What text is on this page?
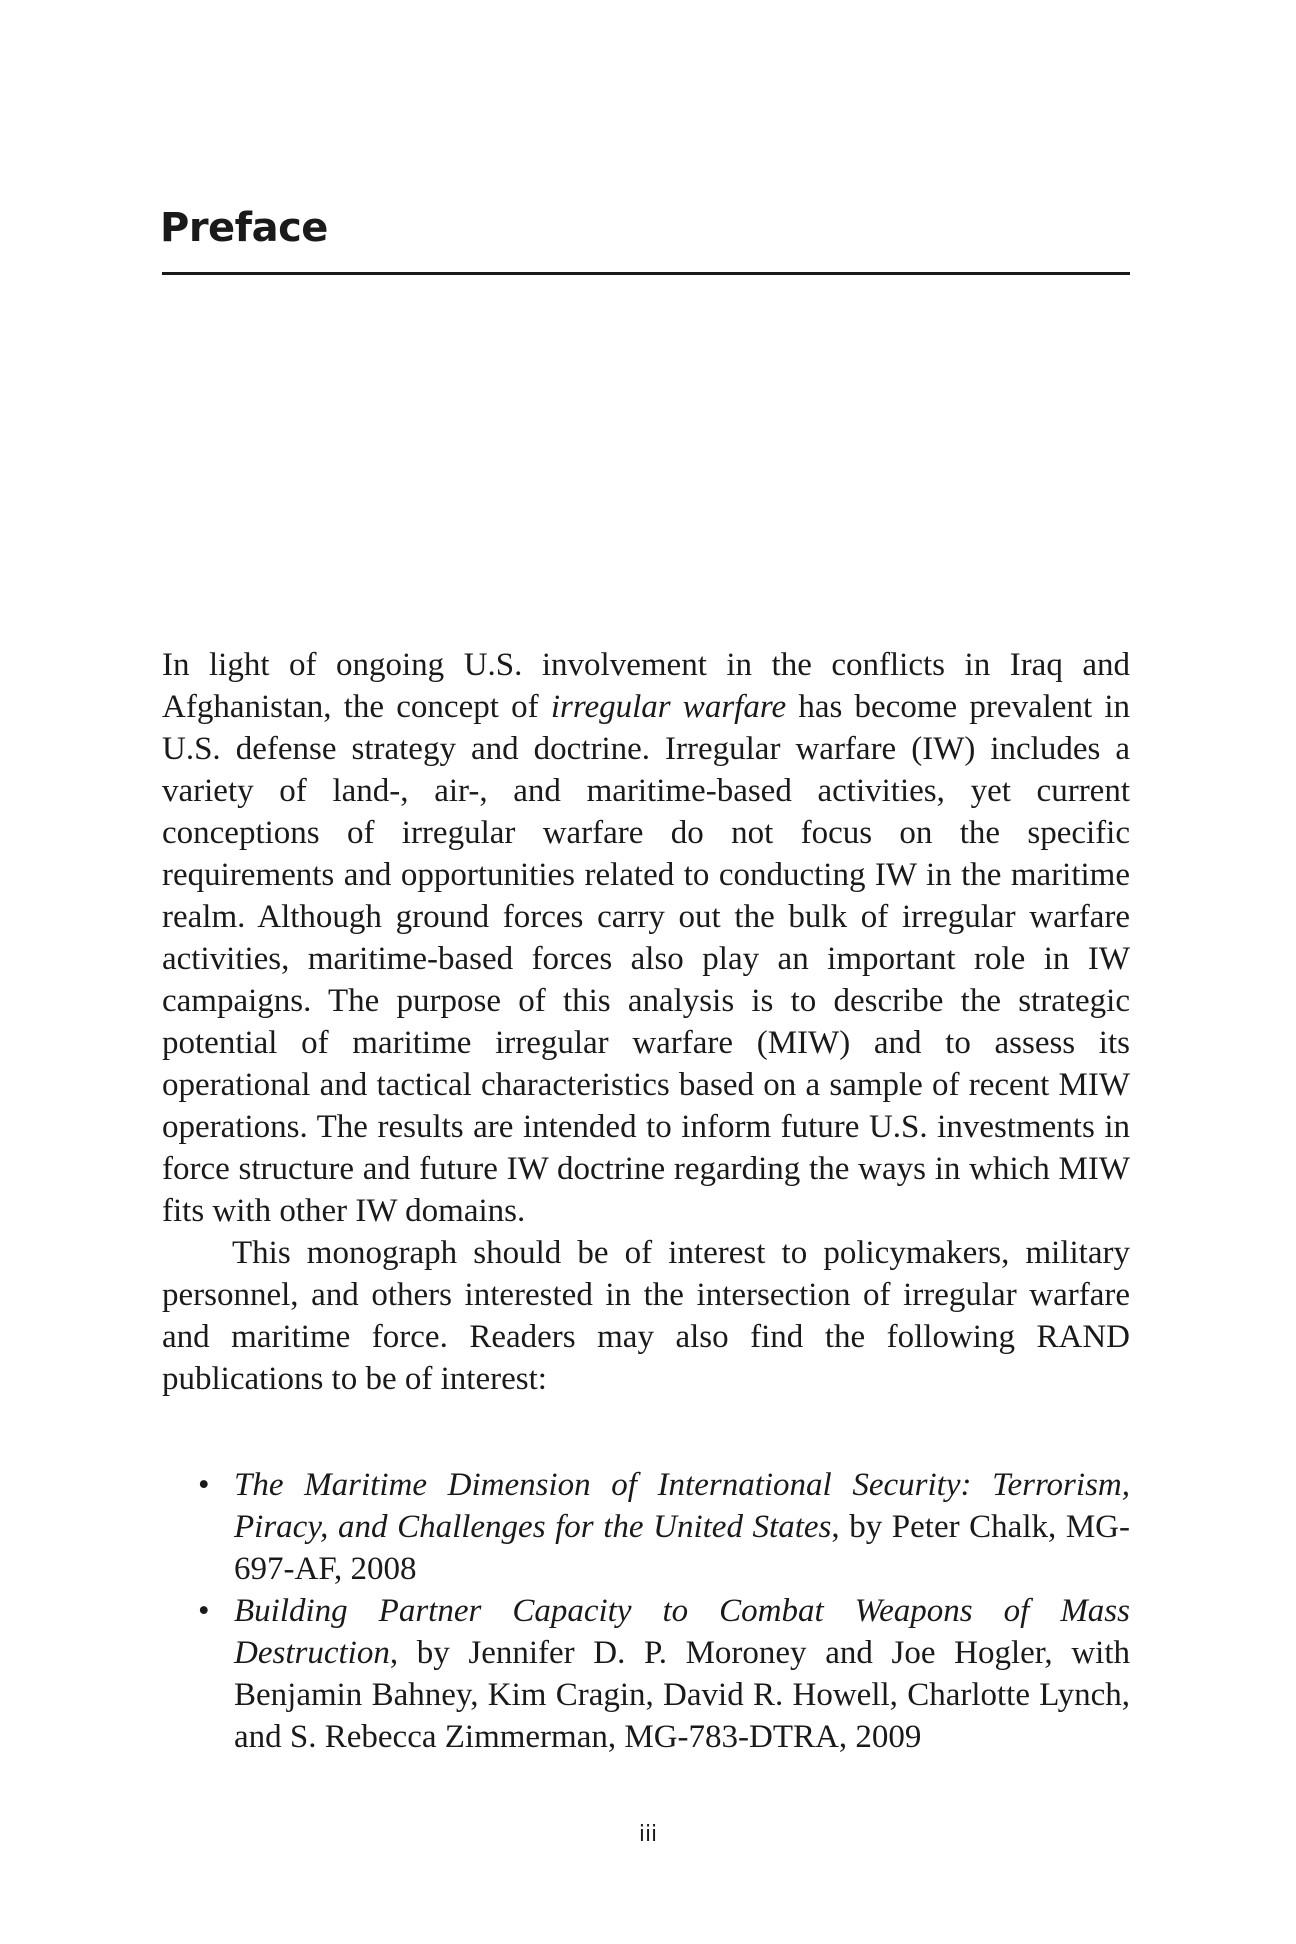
Preface

In light of ongoing U.S. involvement in the conflicts in Iraq and Afghanistan, the concept of irregular warfare has become prevalent in U.S. defense strategy and doctrine. Irregular warfare (IW) includes a variety of land-, air-, and maritime-based activities, yet current conceptions of irregular warfare do not focus on the specific requirements and opportunities related to conducting IW in the maritime realm. Although ground forces carry out the bulk of irregular warfare activities, maritime-based forces also play an important role in IW campaigns. The purpose of this analysis is to describe the strategic potential of maritime irregular warfare (MIW) and to assess its operational and tactical characteristics based on a sample of recent MIW operations. The results are intended to inform future U.S. investments in force structure and future IW doctrine regarding the ways in which MIW fits with other IW domains.

This monograph should be of interest to policymakers, military personnel, and others interested in the intersection of irregular warfare and maritime force. Readers may also find the following RAND publications to be of interest:

• The Maritime Dimension of International Security: Terrorism, Piracy, and Challenges for the United States, by Peter Chalk, MG-697-AF, 2008
• Building Partner Capacity to Combat Weapons of Mass Destruction, by Jennifer D. P. Moroney and Joe Hogler, with Benjamin Bahney, Kim Cragin, David R. Howell, Charlotte Lynch, and S. Rebecca Zimmerman, MG-783-DTRA, 2009
iii
